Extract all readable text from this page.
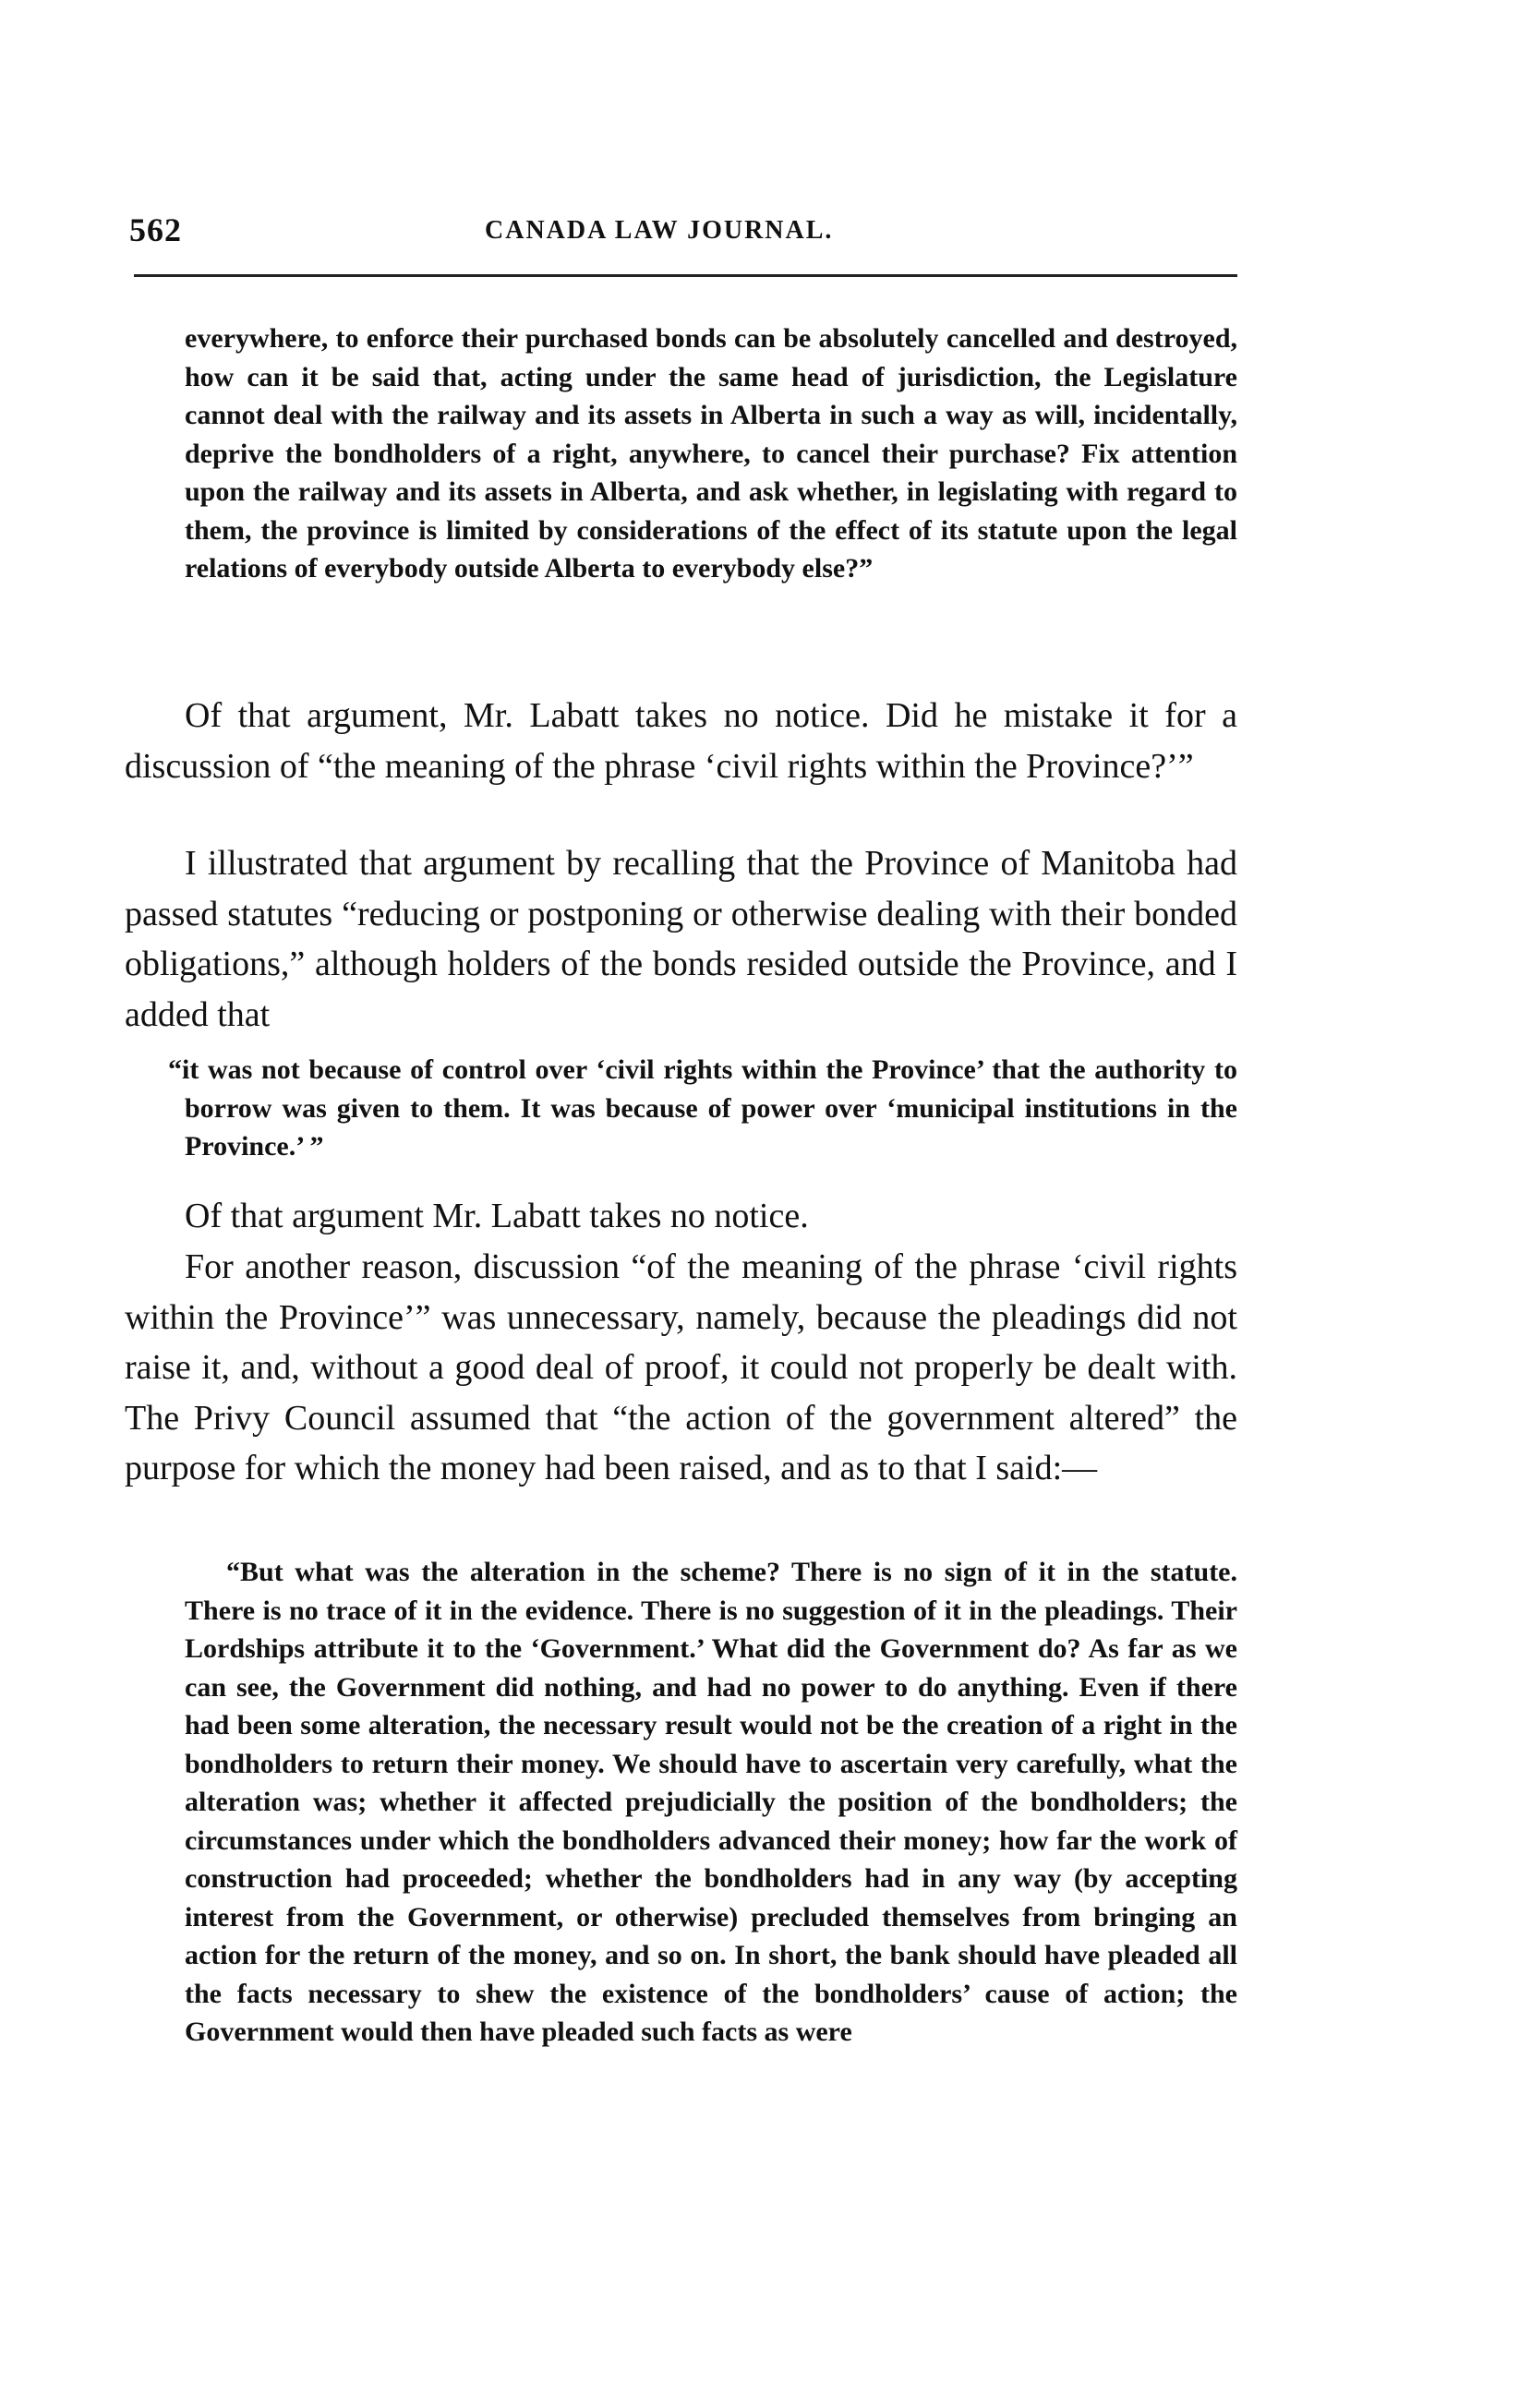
562	CANADA LAW JOURNAL.

everywhere, to enforce their purchased bonds can be absolutely cancelled and destroyed, how can it be said that, acting under the same head of jurisdiction, the Legislature cannot deal with the railway and its assets in Alberta in such a way as will, incidentally, deprive the bondholders of a right, anywhere, to cancel their purchase? Fix attention upon the railway and its assets in Alberta, and ask whether, in legislating with regard to them, the province is limited by considerations of the effect of its statute upon the legal relations of everybody outside Alberta to everybody else?”

Of that argument, Mr. Labatt takes no notice. Did he mistake it for a discussion of “the meaning of the phrase ‘civil rights within the Province?’”

I illustrated that argument by recalling that the Province of Manitoba had passed statutes “reducing or postponing or otherwise dealing with their bonded obligations,” although holders of the bonds resided outside the Province, and I added that

“it was not because of control over ‘civil rights within the Province’ that the authority to borrow was given to them. It was because of power over ‘municipal institutions in the Province.’ ”

Of that argument Mr. Labatt takes no notice.

For another reason, discussion “of the meaning of the phrase ‘civil rights within the Province’” was unnecessary, namely, because the pleadings did not raise it, and, without a good deal of proof, it could not properly be dealt with. The Privy Council assumed that “the action of the government altered” the purpose for which the money had been raised, and as to that I said:—

“But what was the alteration in the scheme? There is no sign of it in the statute. There is no trace of it in the evidence. There is no suggestion of it in the pleadings. Their Lordships attribute it to the ‘Government.’ What did the Government do? As far as we can see, the Government did nothing, and had no power to do anything. Even if there had been some alteration, the necessary result would not be the creation of a right in the bondholders to return their money. We should have to ascertain very carefully, what the alteration was; whether it affected prejudicially the position of the bondholders; the circumstances under which the bondholders advanced their money; how far the work of construction had proceeded; whether the bondholders had in any way (by accepting interest from the Government, or otherwise) precluded themselves from bringing an action for the return of the money, and so on. In short, the bank should have pleaded all the facts necessary to shew the existence of the bondholders’ cause of action; the Government would then have pleaded such facts as were
